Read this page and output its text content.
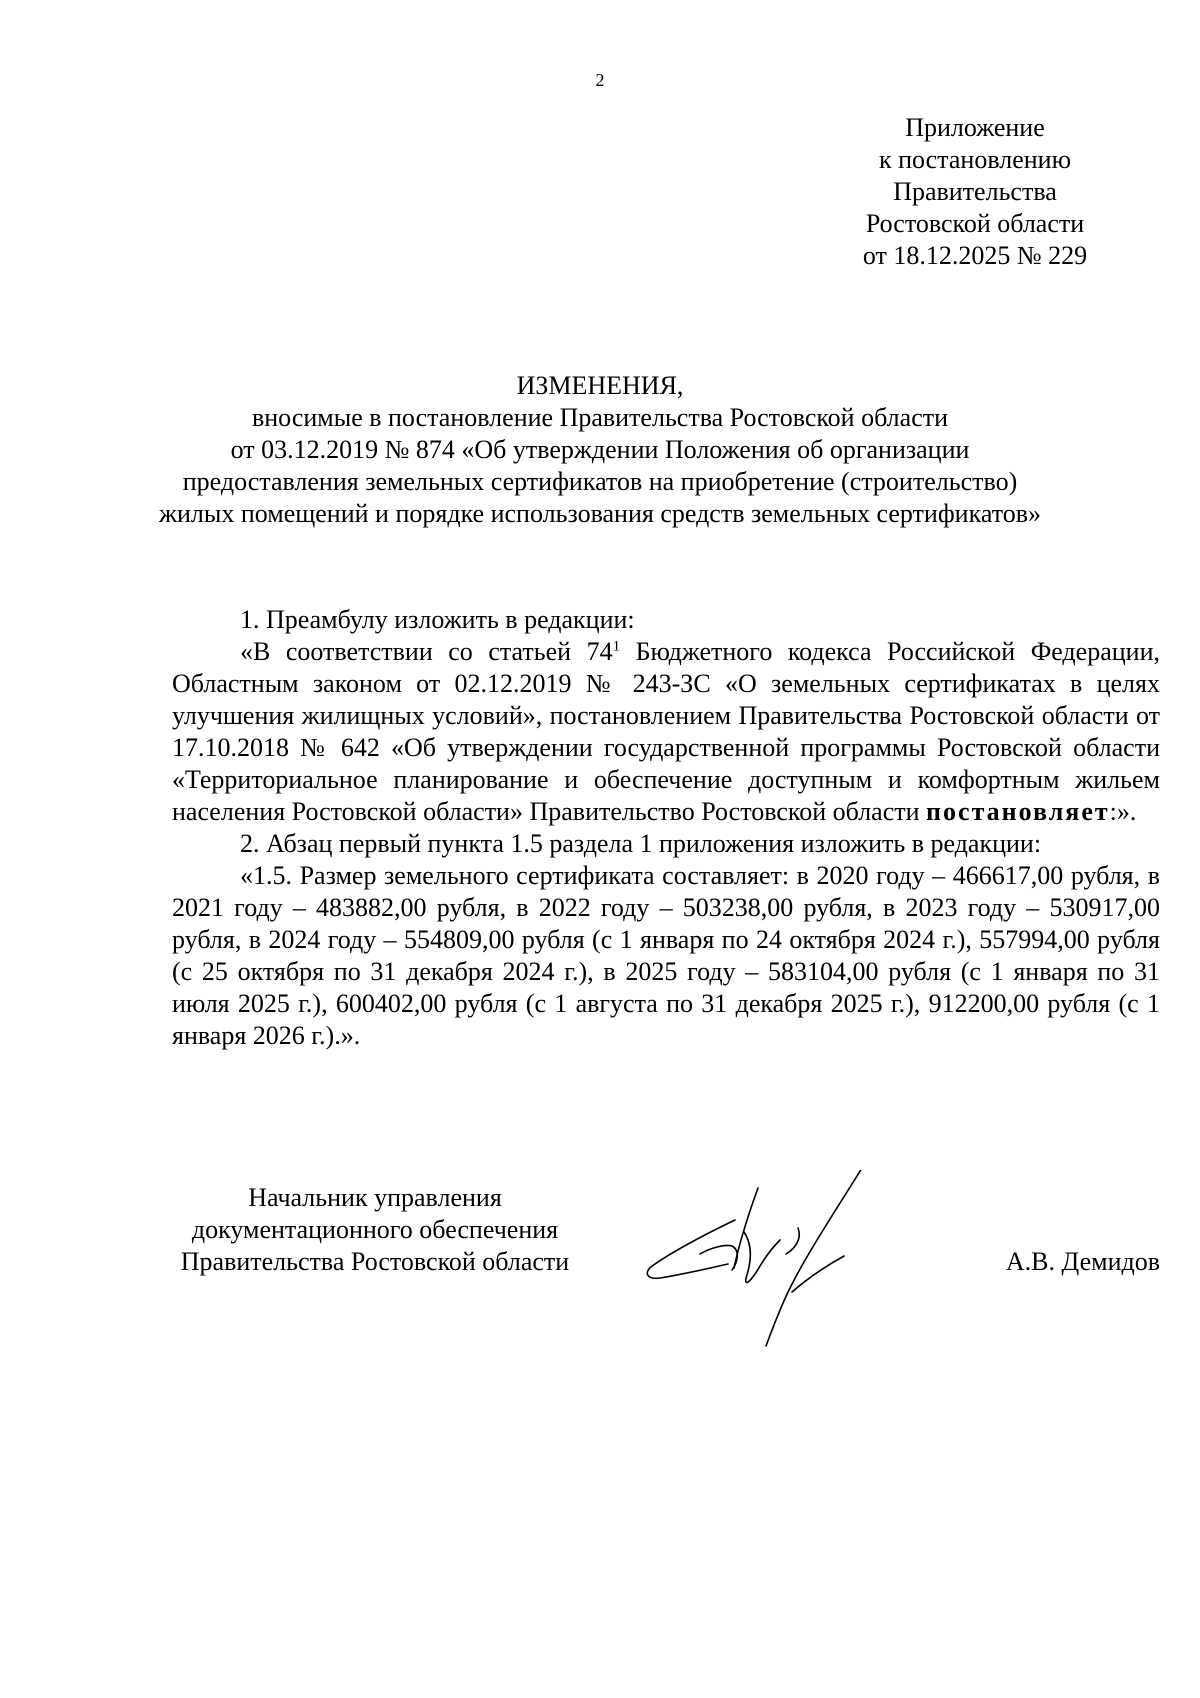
2
Приложение
к постановлению
Правительства
Ростовской области
от 18.12.2025 № 229
ИЗМЕНЕНИЯ,
вносимые в постановление Правительства Ростовской области
от 03.12.2019 № 874 «Об утверждении Положения об организации
предоставления земельных сертификатов на приобретение (строительство)
жилых помещений и порядке использования средств земельных сертификатов»

1. Преамбулу изложить в редакции:

«В соответствии со статьей $74^1$ Бюджетного кодекса Российской Федерации, Областным законом от 02.12.2019 № 243-ЗС «О земельных сертификатах в целях улучшения жилищных условий», постановлением Правительства Ростовской области от 17.10.2018 № 642 «Об утверждении государственной программы Ростовской области «Территориальное планирование и обеспечение доступным и комфортным жильем населения Ростовской области» Правительство Ростовской области постановляет:».

2. Абзац первый пункта 1.5 раздела 1 приложения изложить в редакции:

«1.5. Размер земельного сертификата составляет: в 2020 году – 466617,00 рубля, в 2021 году – 483882,00 рубля, в 2022 году – 503238,00 рубля, в 2023 году – 530917,00 рубля, в 2024 году – 554809,00 рубля (с 1 января по 24 октября 2024 г.), 557994,00 рубля (с 25 октября по 31 декабря 2024 г.), в 2025 году – 583104,00 рубля (с 1 января по 31 июля 2025 г.), 600402,00 рубля (с 1 августа по 31 декабря 2025 г.), 912200,00 рубля (с 1 января 2026 г.).».

Начальник управления
документационного обеспечения
Правительства Ростовской области	А.В. Демидов
